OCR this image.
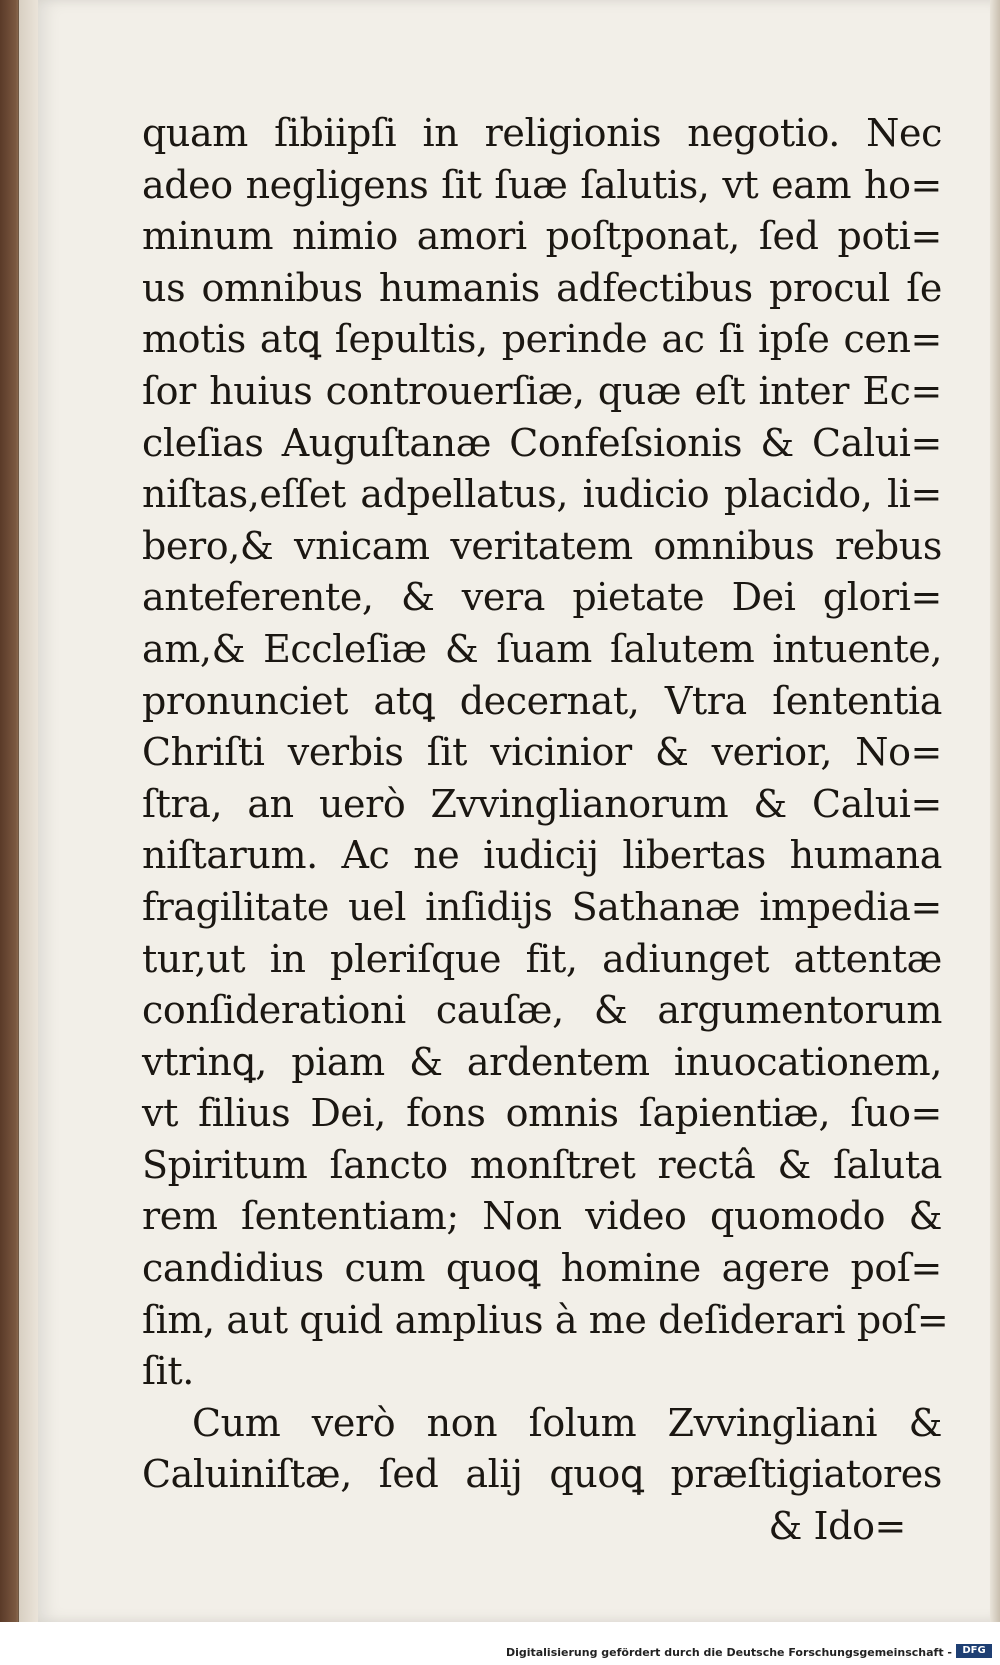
quam ſibiipſi in religionis negotio. Nec
adeo negligens ſit ſuæ ſalutis, vt eam ho=
minum nimio amori poſtponat, ſed poti=
us omnibus humanis adfectibus procul ſe
motis atꝗ ſepultis, perinde ac ſi ipſe cen=
ſor huius controuerſiæ, quæ eſt inter Ec=
cleſias Auguſtanæ Confeſsionis & Calui=
niſtas,eſſet adpellatus, iudicio placido, li=
bero,& vnicam veritatem omnibus rebus
anteferente, & vera pietate Dei glori=
am,& Eccleſiæ & ſuam ſalutem intuente,
pronunciet atꝗ decernat, Vtra ſententia
Chriſti verbis ſit vicinior & verior, No=
ſtra, an uerò Zvvinglianorum & Calui=
niſtarum. Ac ne iudicij libertas humana
fragilitate uel inſidijs Sathanæ impedia=
tur,ut in pleriſque fit, adiunget attentæ
conſiderationi cauſæ, & argumentorum
vtrinꝗ, piam & ardentem inuocationem,
vt filius Dei, fons omnis ſapientiæ, ſuo=
Spiritum ſancto monſtret rectâ & ſaluta
rem ſententiam; Non video quomodo &
candidius cum quoꝗ homine agere poſ=
ſim, aut quid amplius à me deſiderari poſ=
ſit.
Cum verò non ſolum Zvvingliani &
Caluiniſtæ, ſed alij quoꝗ præſtigiatores
& Ido=
Digitalisierung gefördert durch die Deutsche Forschungsgemeinschaft -	DFG
